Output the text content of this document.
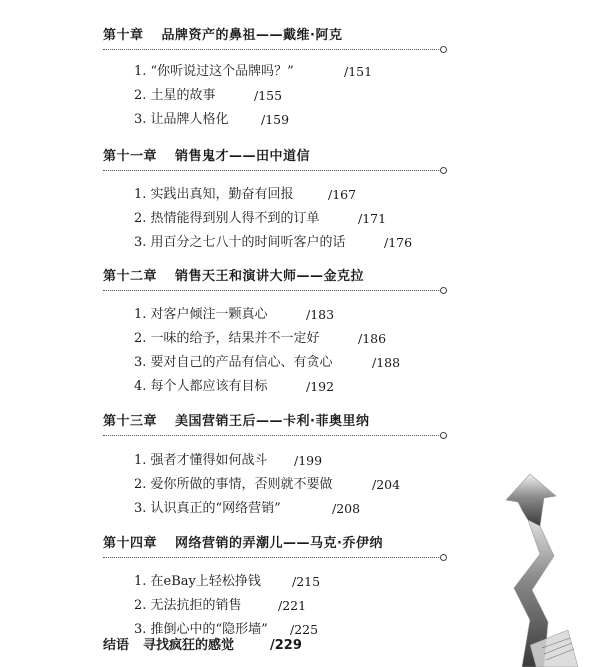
第十章 品牌资产的鼻祖——戴维·阿克
1. “你听说过这个品牌吗？”	/151
2. 土星的故事	/155
3. 让品牌人格化	/159
第十一章 销售鬼才——田中道信
1. 实践出真知，勤奋有回报	/167
2. 热情能得到别人得不到的订单	/171
3. 用百分之七八十的时间听客户的话	/176
第十二章 销售天王和演讲大师——金克拉
1. 对客户倾注一颗真心	/183
2. 一味的给予，结果并不一定好	/186
3. 要对自己的产品有信心、有贪心	/188
4. 每个人都应该有目标	/192
第十三章 美国营销王后——卡利·菲奥里纳
1. 强者才懂得如何战斗 /199
2. 爱你所做的事情，否则就不要做	/204
3. 认识真正的“网络营销”	/208
第十四章 网络营销的弄潮儿——马克·乔伊纳
1. 在eBay上轻松挣钱 /215
2. 无法抗拒的销售	/221
3. 推倒心中的“隐形墙” /225
结语 寻找疯狂的感觉	/229
